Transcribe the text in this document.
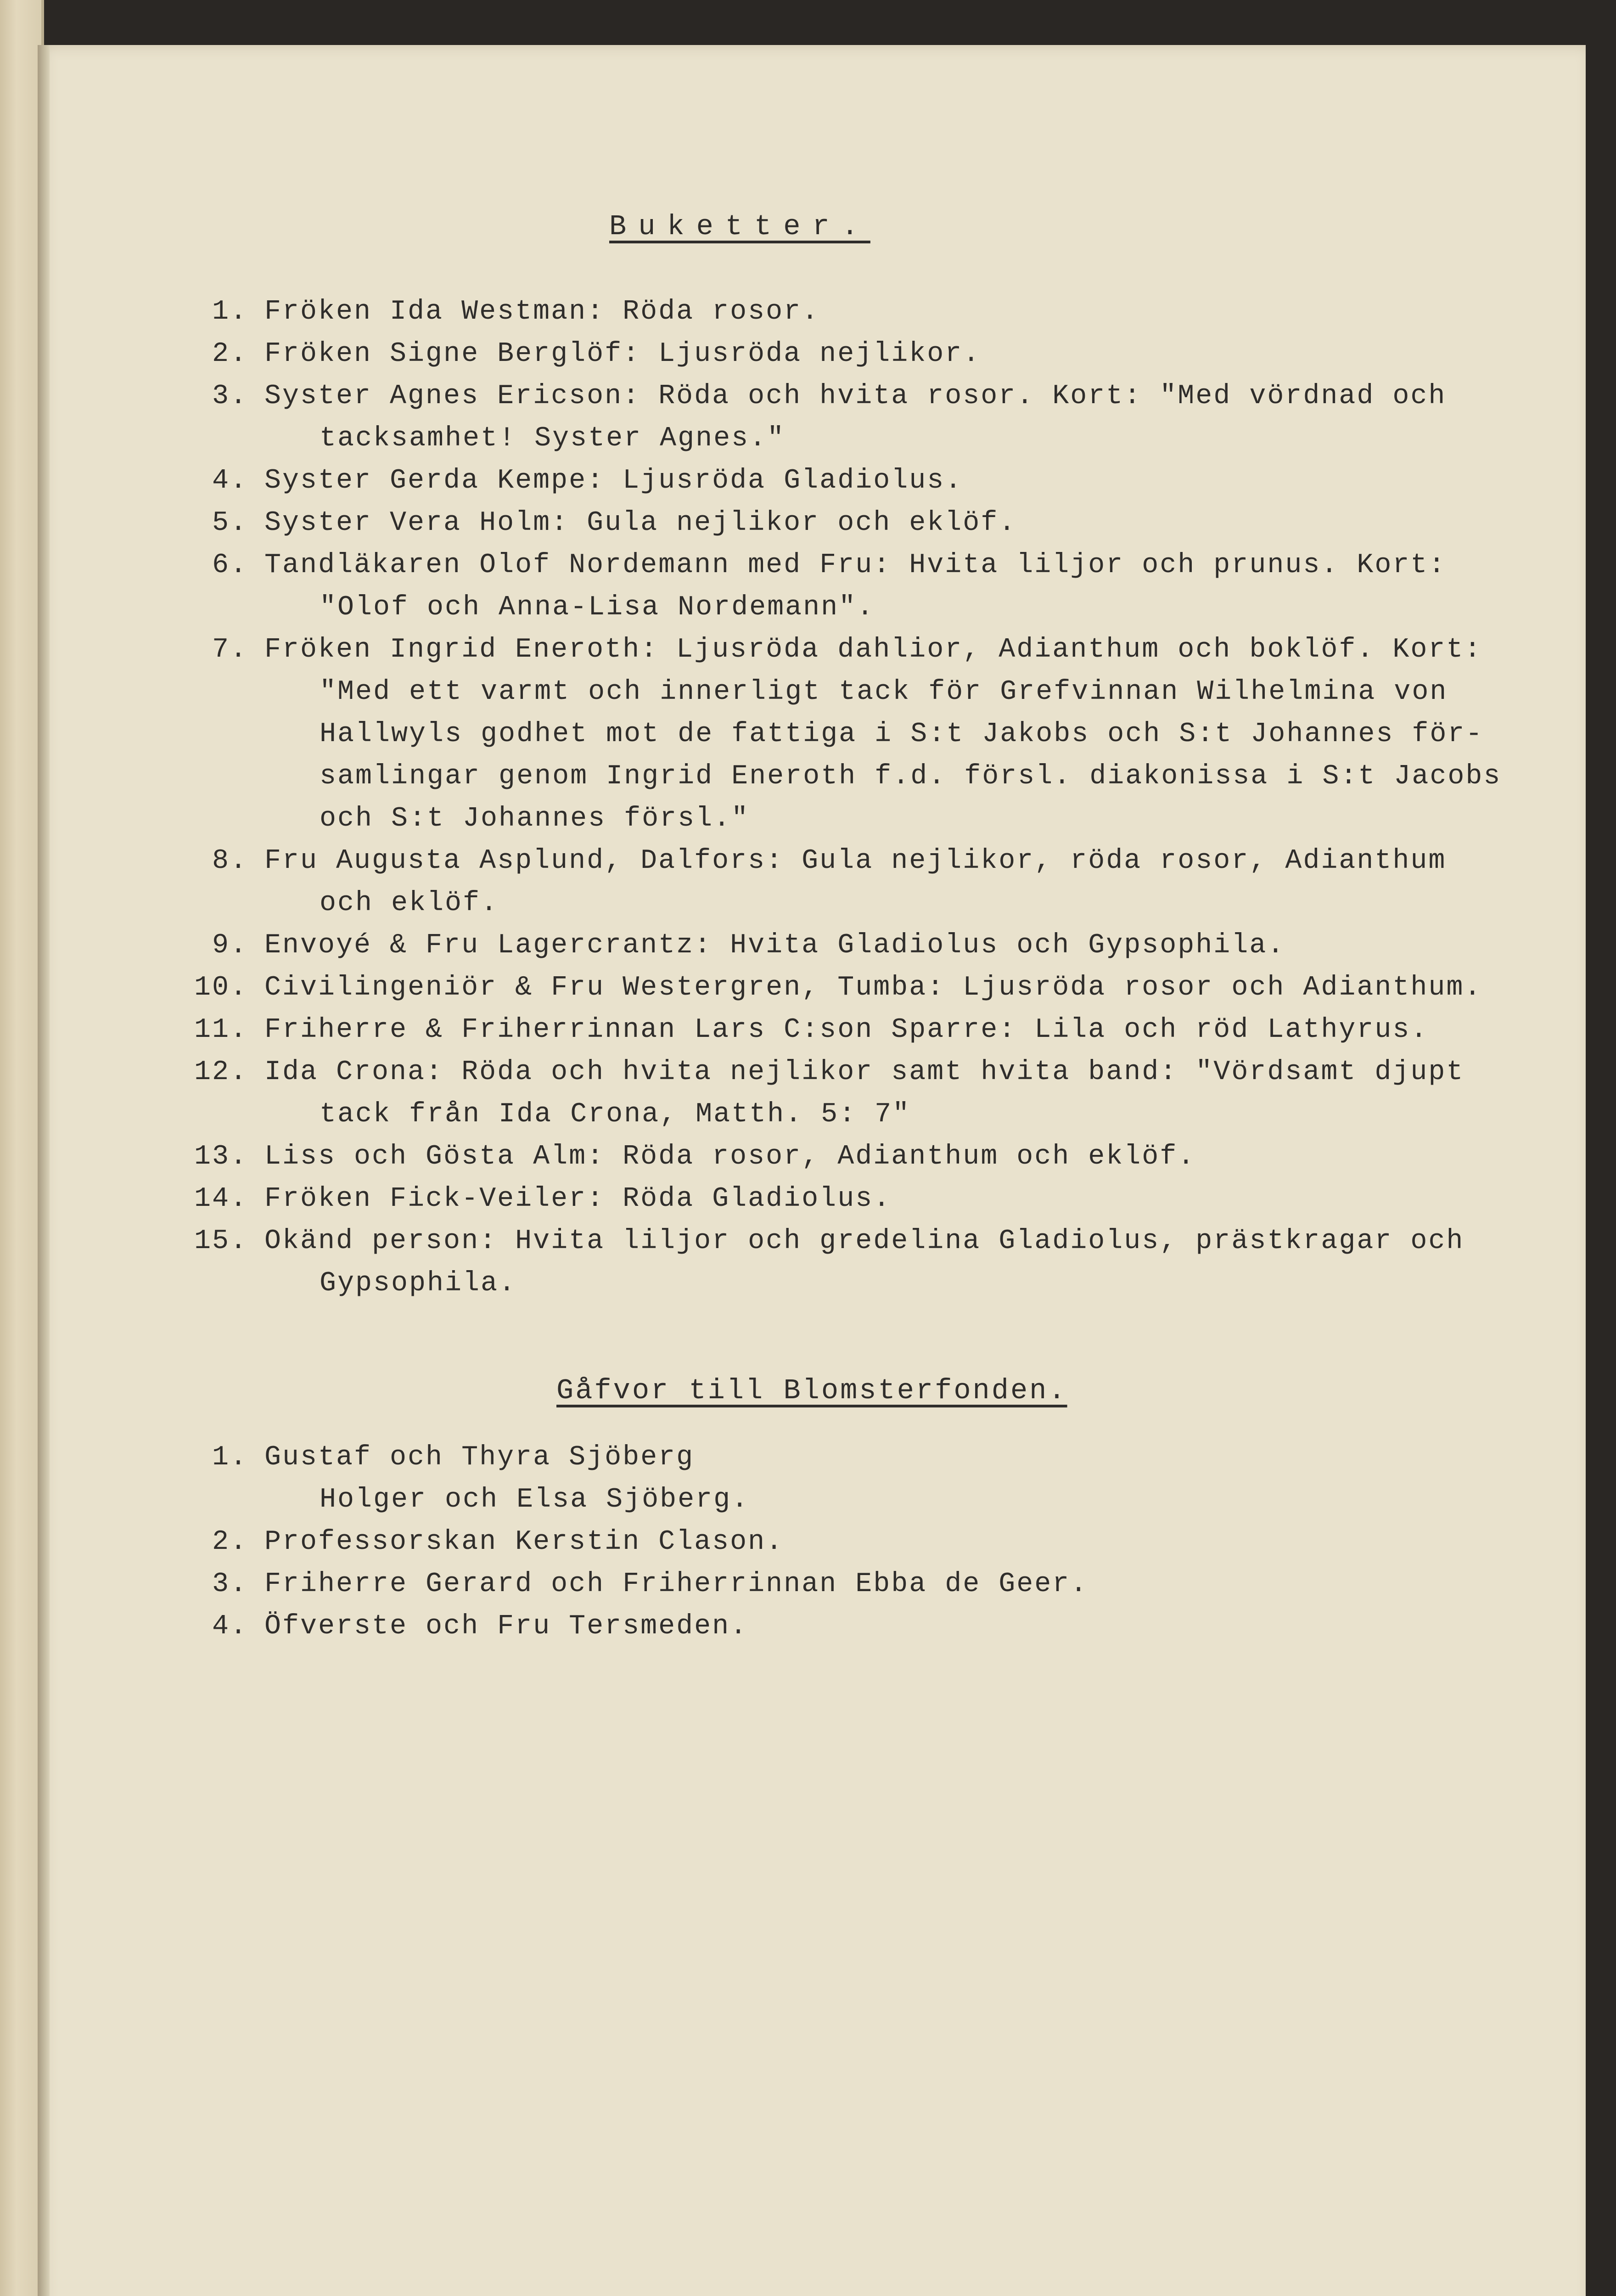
Buketter.
1. Fröken Ida Westman: Röda rosor.
2. Fröken Signe Berglöf: Ljusröda nejlikor.
3. Syster Agnes Ericson: Röda och hvita rosor. Kort: "Med vördnad och
tacksamhet! Syster Agnes."
4. Syster Gerda Kempe: Ljusröda Gladiolus.
5. Syster Vera Holm: Gula nejlikor och eklöf.
6. Tandläkaren Olof Nordemann med Fru: Hvita liljor och prunus. Kort:
"Olof och Anna-Lisa Nordemann".
7. Fröken Ingrid Eneroth: Ljusröda dahlior, Adianthum och boklöf. Kort:
"Med ett varmt och innerligt tack för Grefvinnan Wilhelmina von
Hallwyls godhet mot de fattiga i S:t Jakobs och S:t Johannes för-
samlingar genom Ingrid Eneroth f.d. försl. diakonissa i S:t Jacobs
och S:t Johannes försl."
8. Fru Augusta Asplund, Dalfors: Gula nejlikor, röda rosor, Adianthum
och eklöf.
9. Envoyé & Fru Lagercrantz: Hvita Gladiolus och Gypsophila.
10. Civilingeniör & Fru Westergren, Tumba: Ljusröda rosor och Adianthum.
11. Friherre & Friherrinnan Lars C:son Sparre: Lila och röd Lathyrus.
12. Ida Crona: Röda och hvita nejlikor samt hvita band: "Vördsamt djupt
tack från Ida Crona, Matth. 5: 7"
13. Liss och Gösta Alm: Röda rosor, Adianthum och eklöf.
14. Fröken Fick-Veiler: Röda Gladiolus.
15. Okänd person: Hvita liljor och gredelina Gladiolus, prästkragar och
Gypsophila.
Gåfvor till Blomsterfonden.
1. Gustaf och Thyra Sjöberg
Holger och Elsa Sjöberg.
2. Professorskan Kerstin Clason.
3. Friherre Gerard och Friherrinnan Ebba de Geer.
4. Öfverste och Fru Tersmeden.
